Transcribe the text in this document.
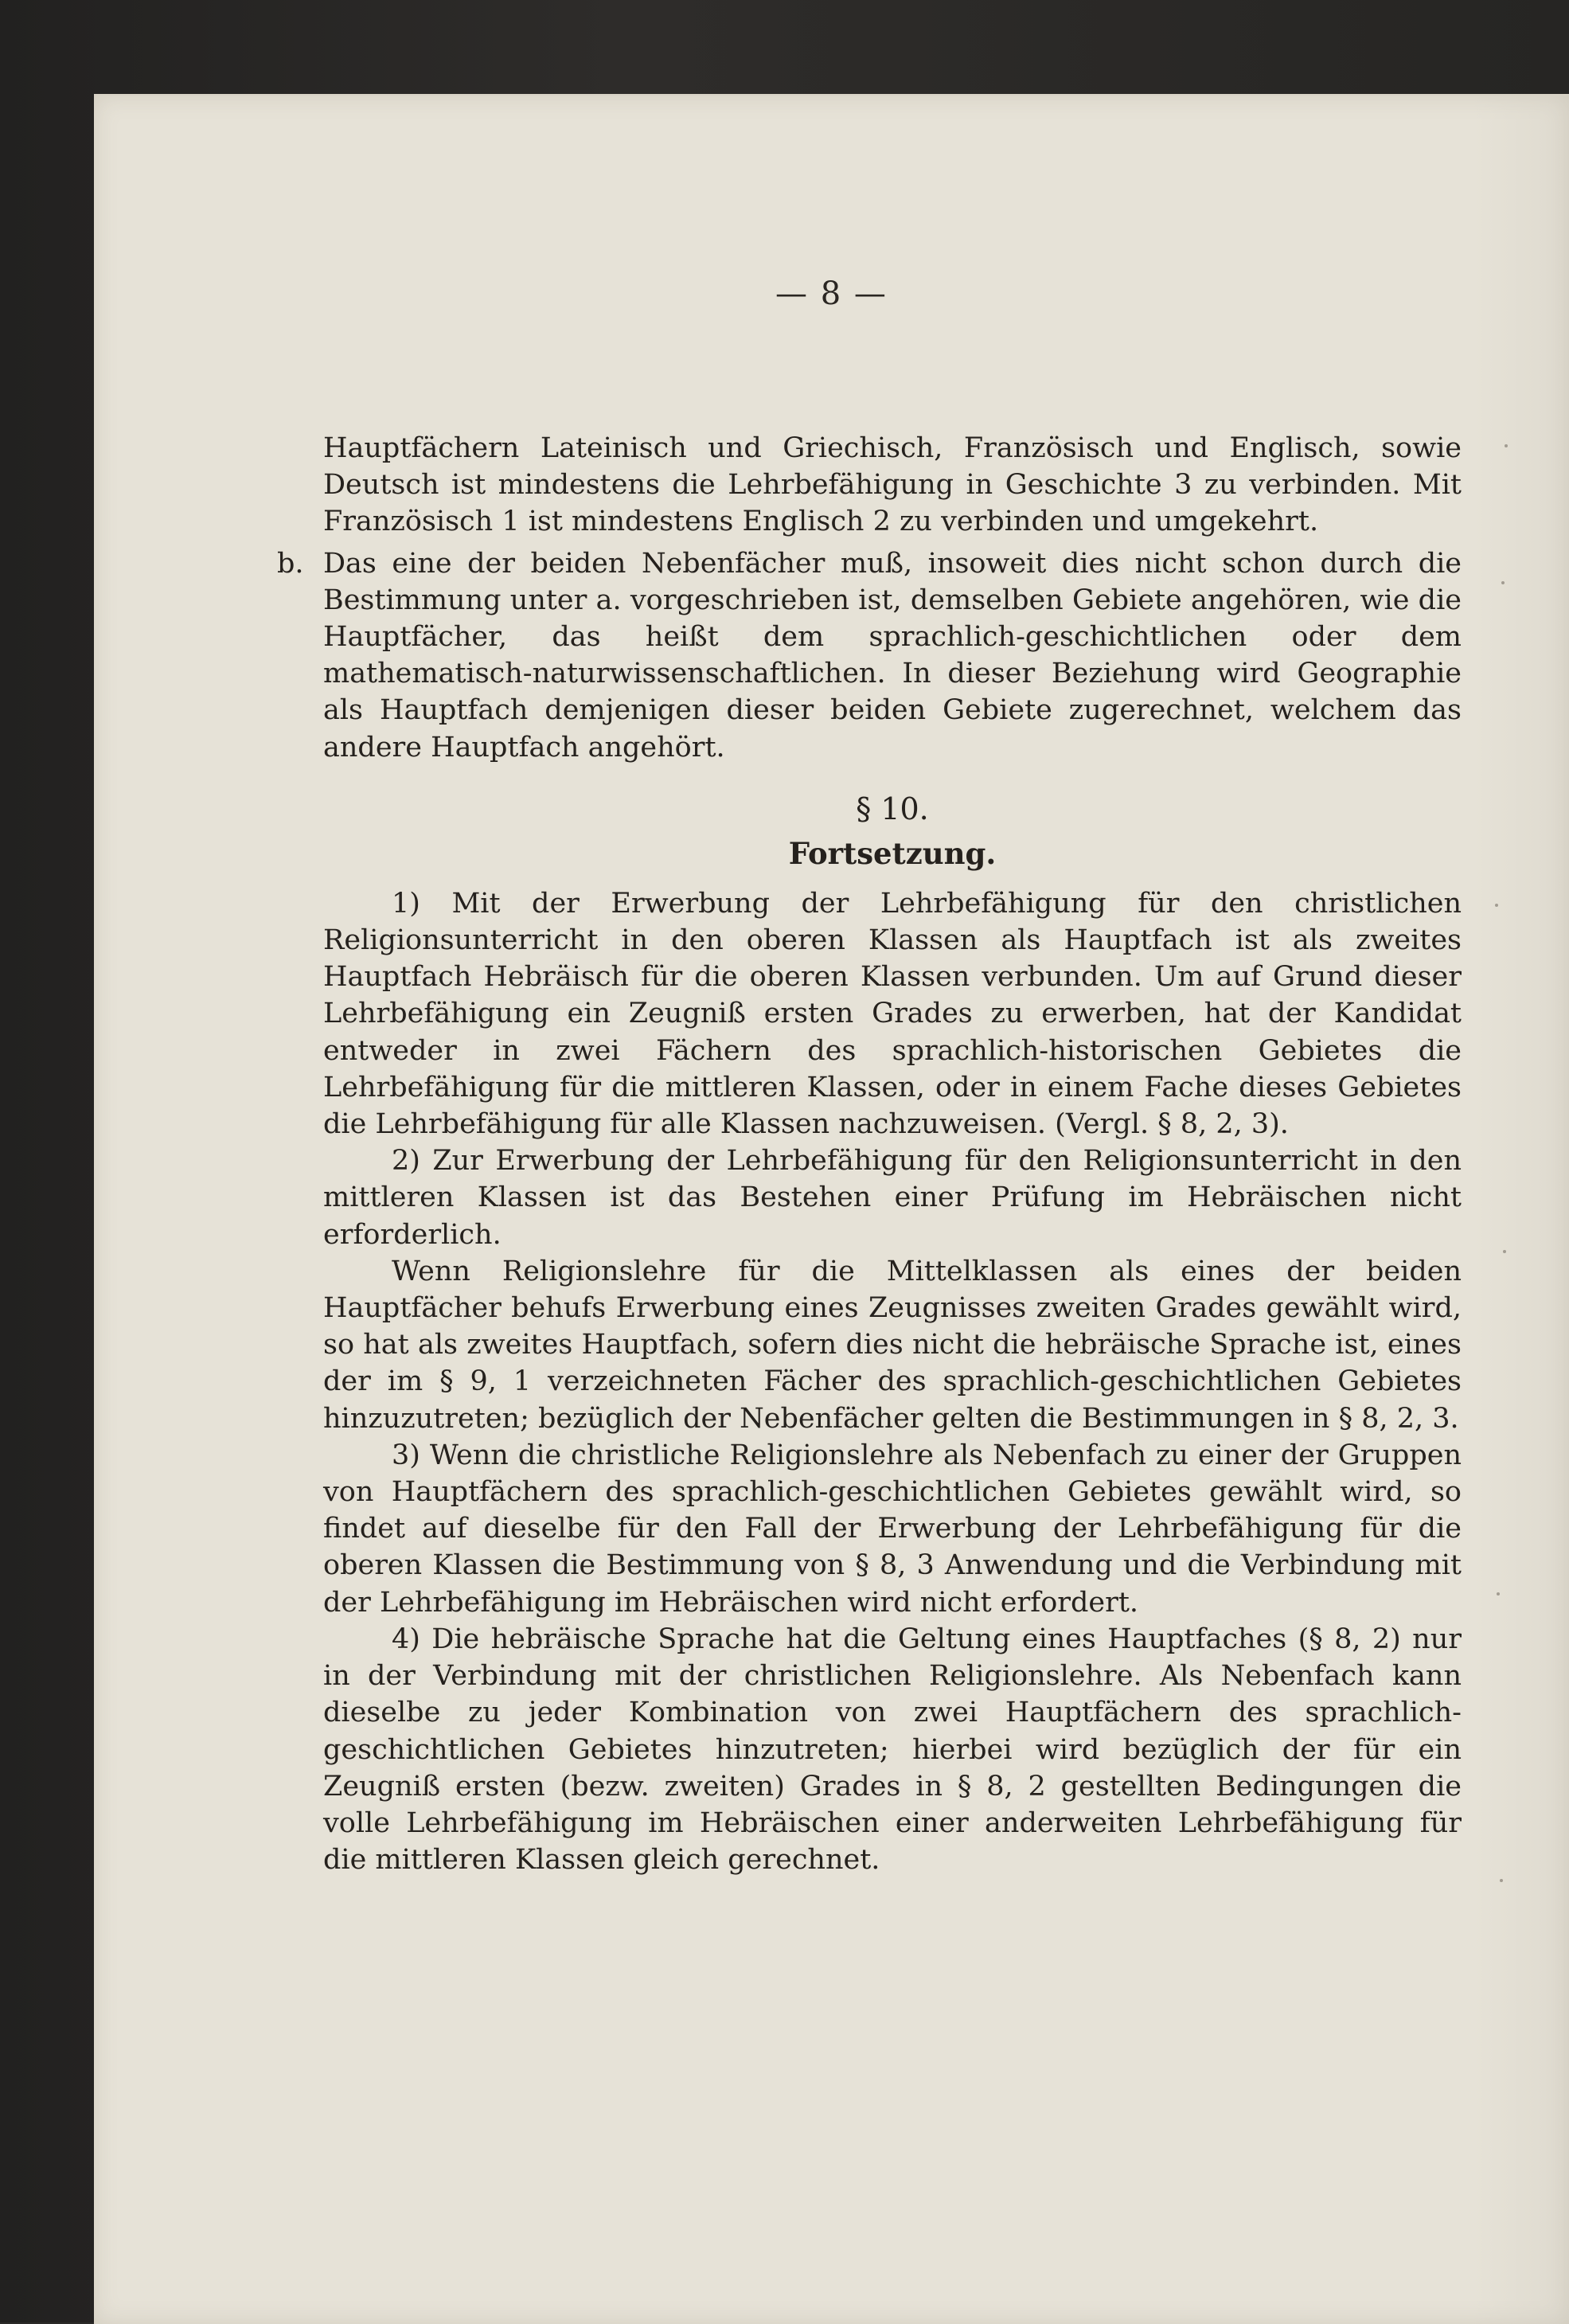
— 8 —

Hauptfächern Lateinisch und Griechisch, Französisch und Englisch, sowie Deutsch ist mindestens die Lehrbefähigung in Geschichte 3 zu verbinden. Mit Französisch 1 ist mindestens Englisch 2 zu verbinden und umgekehrt.

b. Das eine der beiden Nebenfächer muß, insoweit dies nicht schon durch die Bestimmung unter a. vorgeschrieben ist, demselben Gebiete angehören, wie die Hauptfächer, das heißt dem sprachlich-geschichtlichen oder dem mathematisch-naturwissenschaftlichen. In dieser Beziehung wird Geographie als Hauptfach demjenigen dieser beiden Gebiete zugerechnet, welchem das andere Hauptfach angehört.

§ 10.

Fortsetzung.

1) Mit der Erwerbung der Lehrbefähigung für den christlichen Religionsunterricht in den oberen Klassen als Hauptfach ist als zweites Hauptfach Hebräisch für die oberen Klassen verbunden. Um auf Grund dieser Lehrbefähigung ein Zeugniß ersten Grades zu erwerben, hat der Kandidat entweder in zwei Fächern des sprachlich-historischen Gebietes die Lehrbefähigung für die mittleren Klassen, oder in einem Fache dieses Gebietes die Lehrbefähigung für alle Klassen nachzuweisen. (Vergl. § 8, 2, 3).

2) Zur Erwerbung der Lehrbefähigung für den Religionsunterricht in den mittleren Klassen ist das Bestehen einer Prüfung im Hebräischen nicht erforderlich.

Wenn Religionslehre für die Mittelklassen als eines der beiden Hauptfächer behufs Erwerbung eines Zeugnisses zweiten Grades gewählt wird, so hat als zweites Hauptfach, sofern dies nicht die hebräische Sprache ist, eines der im § 9, 1 verzeichneten Fächer des sprachlich-geschichtlichen Gebietes hinzuzutreten; bezüglich der Nebenfächer gelten die Bestimmungen in § 8, 2, 3.

3) Wenn die christliche Religionslehre als Nebenfach zu einer der Gruppen von Hauptfächern des sprachlich-geschichtlichen Gebietes gewählt wird, so findet auf dieselbe für den Fall der Erwerbung der Lehrbefähigung für die oberen Klassen die Bestimmung von § 8, 3 Anwendung und die Verbindung mit der Lehrbefähigung im Hebräischen wird nicht erfordert.

4) Die hebräische Sprache hat die Geltung eines Hauptfaches (§ 8, 2) nur in der Verbindung mit der christlichen Religionslehre. Als Nebenfach kann dieselbe zu jeder Kombination von zwei Hauptfächern des sprachlich-geschichtlichen Gebietes hinzutreten; hierbei wird bezüglich der für ein Zeugniß ersten (bezw. zweiten) Grades in § 8, 2 gestellten Bedingungen die volle Lehrbefähigung im Hebräischen einer anderweiten Lehrbefähigung für die mittleren Klassen gleich gerechnet.
